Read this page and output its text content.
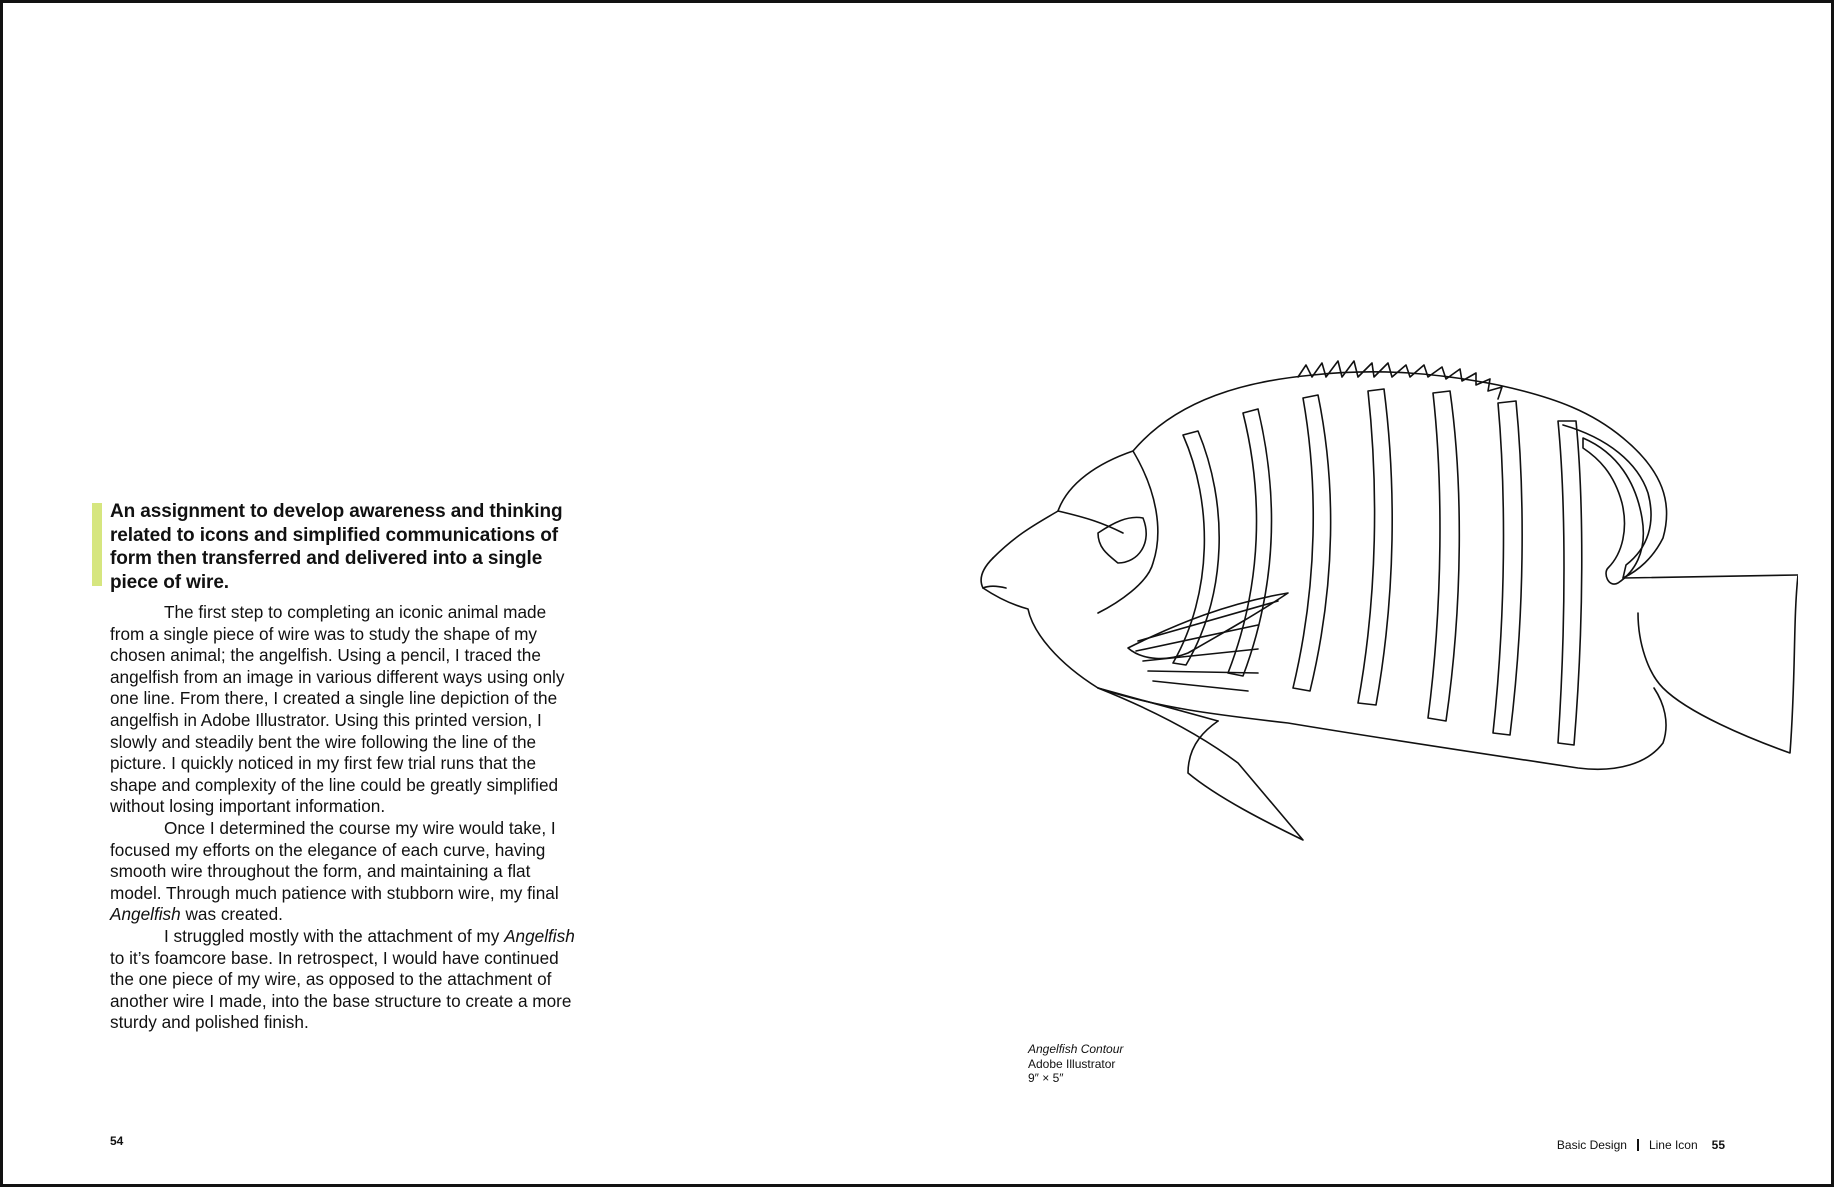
An assignment to develop awareness and thinking related to icons and simplified communications of form then transferred and delivered into a single piece of wire.

The first step to completing an iconic animal made from a single piece of wire was to study the shape of my chosen animal; the angelfish. Using a pencil, I traced the angelfish from an image in various different ways using only one line. From there, I created a single line depiction of the angelfish in Adobe Illustrator. Using this printed version, I slowly and steadily bent the wire following the line of the picture. I quickly noticed in my first few trial runs that the shape and complexity of the line could be greatly simplified without losing important information.

Once I determined the course my wire would take, I focused my efforts on the elegance of each curve, having smooth wire throughout the form, and maintaining a flat model. Through much patience with stubborn wire, my final Angelfish was created.

I struggled mostly with the attachment of my Angelfish to it’s foamcore base. In retrospect, I would have continued the one piece of my wire, as opposed to the attachment of another wire I made, into the base structure to create a more sturdy and polished finish.

Angelfish Contour
Adobe Illustrator
9″ × 5″
54	Basic Design Line Icon 55
